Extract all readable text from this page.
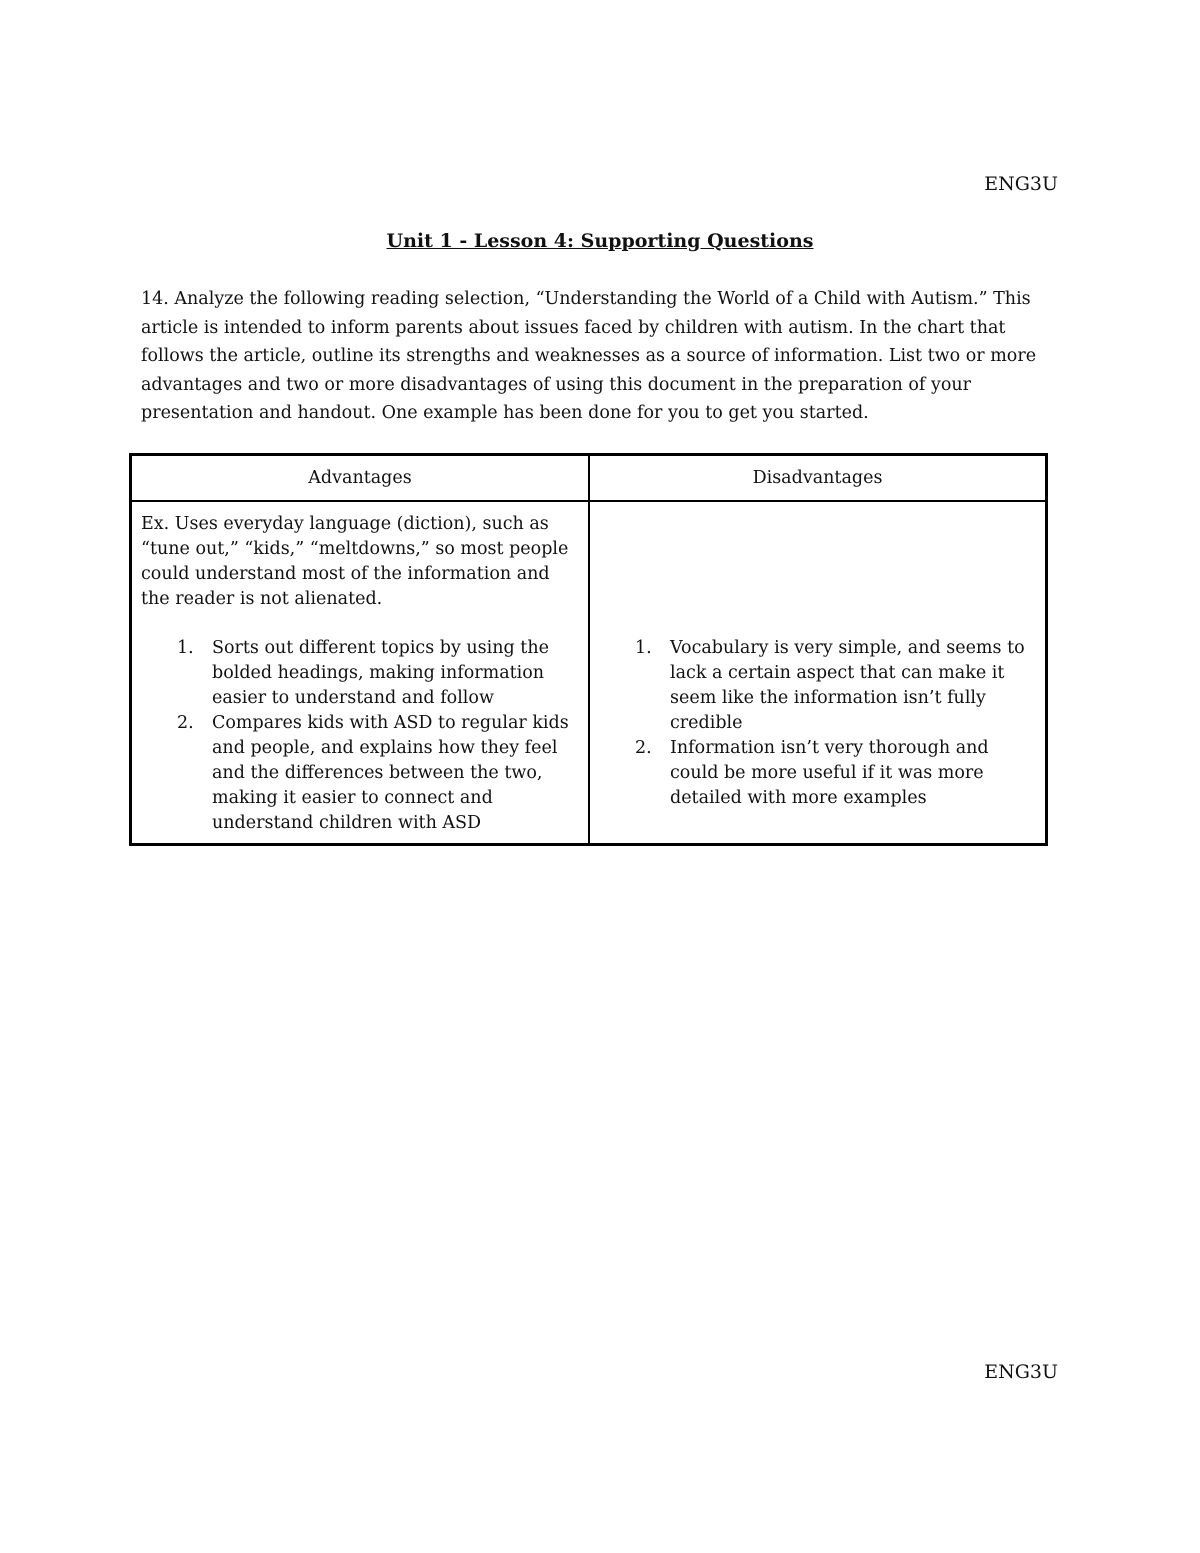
ENG3U
Unit 1 - Lesson 4: Supporting Questions

14. Analyze the following reading selection, “Understanding the World of a Child with Autism.” This article is intended to inform parents about issues faced by children with autism. In the chart that follows the article, outline its strengths and weaknesses as a source of information. List two or more advantages and two or more disadvantages of using this document in the preparation of your presentation and handout. One example has been done for you to get you started.

Advantages	Disadvantages

Ex. Uses everyday language (diction), such as “tune out,” “kids,” “meltdowns,” so most people could understand most of the information and the reader is not alienated.

1. Sorts out different topics by using the bolded headings, making information easier to understand and follow
2. Compares kids with ASD to regular kids and people, and explains how they feel and the differences between the two, making it easier to connect and understand children with ASD
1. Vocabulary is very simple, and seems to lack a certain aspect that can make it seem like the information isn’t fully credible
2. Information isn’t very thorough and could be more useful if it was more detailed with more examples
ENG3U
